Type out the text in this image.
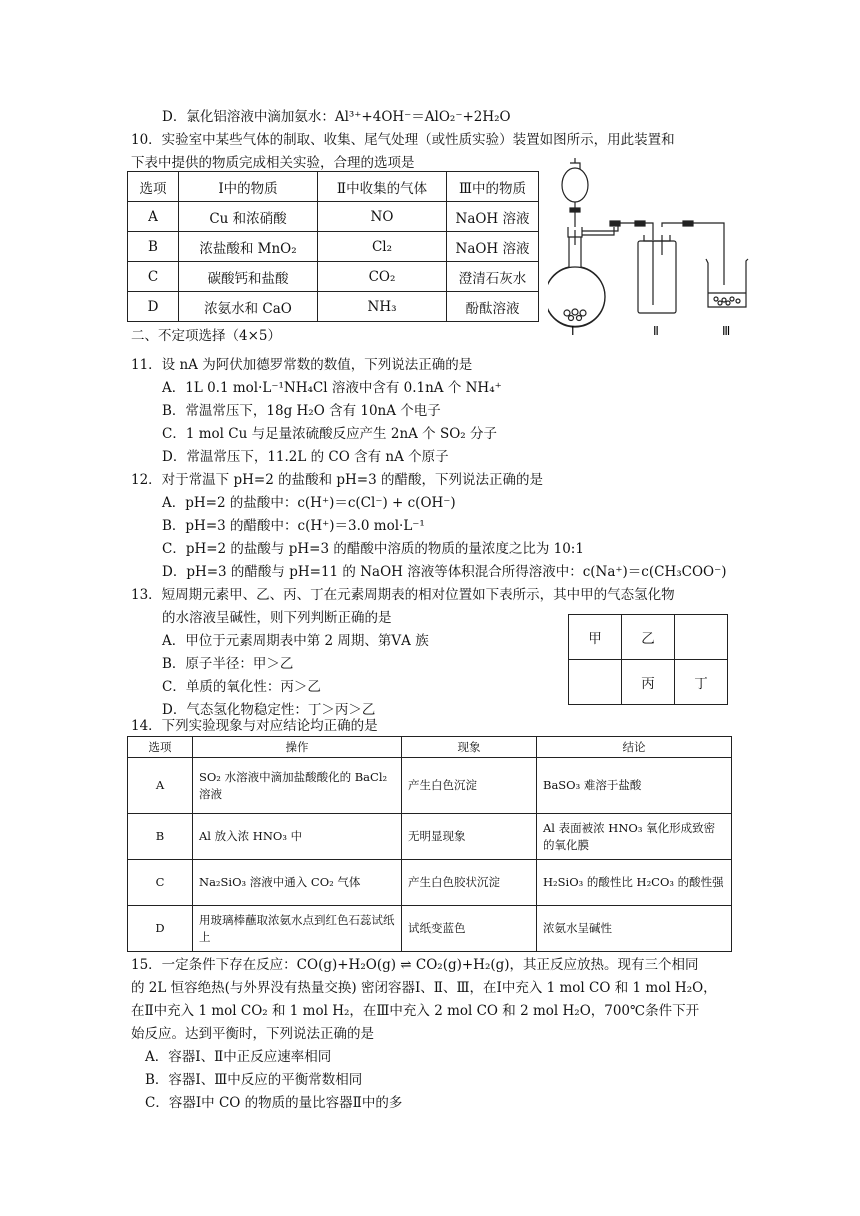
D．氯化铝溶液中滴加氨水：Al³⁺+4OH⁻＝AlO₂⁻+2H₂O
10．实验室中某些气体的制取、收集、尾气处理（或性质实验）装置如图所示，用此装置和
下表中提供的物质完成相关实验，合理的选项是
选项	Ⅰ中的物质	Ⅱ中收集的气体	Ⅲ中的物质
A	Cu 和浓硝酸	NO	NaOH 溶液
B	浓盐酸和 MnO₂	Cl₂	NaOH 溶液
C	碳酸钙和盐酸	CO₂	澄清石灰水
D	浓氨水和 CaO	NH₃	酚酞溶液
Ⅰ	Ⅱ	Ⅲ
二、不定项选择（4×5）
11．设 nA 为阿伏加德罗常数的数值，下列说法正确的是
A．1L 0.1 mol·L⁻¹NH₄Cl 溶液中含有 0.1nA 个 NH₄⁺
B．常温常压下，18g H₂O 含有 10nA 个电子
C．1 mol Cu 与足量浓硫酸反应产生 2nA 个 SO₂ 分子
D．常温常压下，11.2L 的 CO 含有 nA 个原子
12．对于常温下 pH=2 的盐酸和 pH=3 的醋酸，下列说法正确的是
A．pH=2 的盐酸中：c(H⁺)＝c(Cl⁻) + c(OH⁻)
B．pH=3 的醋酸中：c(H⁺)＝3.0 mol·L⁻¹
C．pH=2 的盐酸与 pH=3 的醋酸中溶质的物质的量浓度之比为 10:1
D．pH=3 的醋酸与 pH=11 的 NaOH 溶液等体积混合所得溶液中：c(Na⁺)＝c(CH₃COO⁻)
13．短周期元素甲、乙、丙、丁在元素周期表的相对位置如下表所示，其中甲的气态氢化物
的水溶液呈碱性，则下列判断正确的是
A．甲位于元素周期表中第 2 周期、第ⅤA 族
B．原子半径：甲＞乙
C．单质的氧化性：丙＞乙
D．气态氢化物稳定性：丁＞丙＞乙
甲	乙	
	丙	丁
14．下列实验现象与对应结论均正确的是
选项	操作	现象	结论
A	SO₂ 水溶液中滴加盐酸酸化的 BaCl₂ 溶液	产生白色沉淀	BaSO₃ 难溶于盐酸
B	Al 放入浓 HNO₃ 中	无明显现象	Al 表面被浓 HNO₃ 氧化形成致密的氧化膜
C	Na₂SiO₃ 溶液中通入 CO₂ 气体	产生白色胶状沉淀	H₂SiO₃ 的酸性比 H₂CO₃ 的酸性强
D	用玻璃棒蘸取浓氨水点到红色石蕊试纸上	试纸变蓝色	浓氨水呈碱性
15．一定条件下存在反应：CO(g)+H₂O(g) ⇌ CO₂(g)+H₂(g)，其正反应放热。现有三个相同
的 2L 恒容绝热(与外界没有热量交换) 密闭容器Ⅰ、Ⅱ、Ⅲ，在Ⅰ中充入 1 mol CO 和 1 mol H₂O，
在Ⅱ中充入 1 mol CO₂ 和 1 mol H₂，在Ⅲ中充入 2 mol CO 和 2 mol H₂O，700℃条件下开
始反应。达到平衡时，下列说法正确的是
A．容器Ⅰ、Ⅱ中正反应速率相同
B．容器Ⅰ、Ⅲ中反应的平衡常数相同
C．容器Ⅰ中 CO 的物质的量比容器Ⅱ中的多
